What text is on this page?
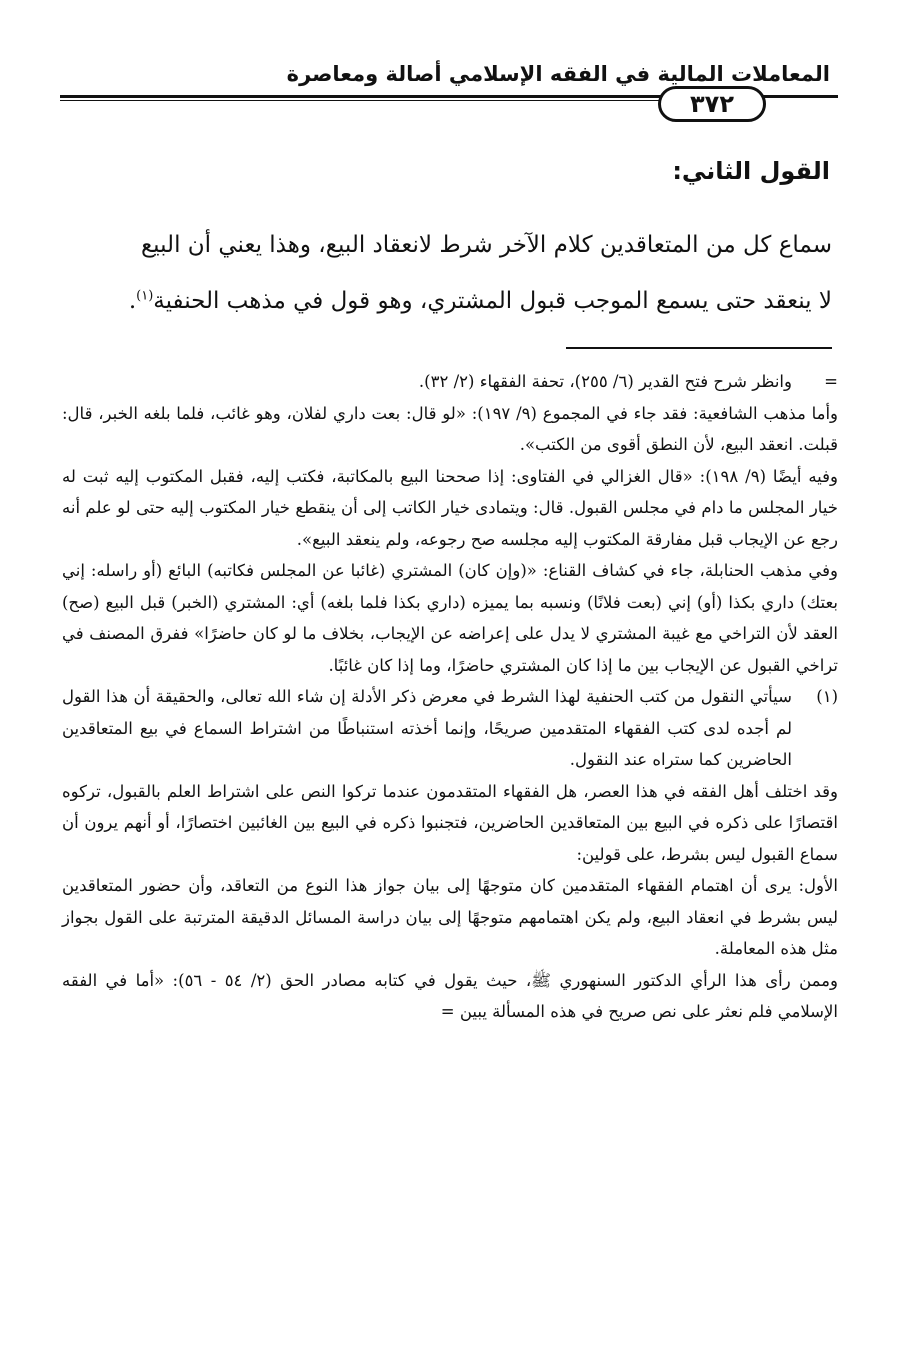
المعاملات المالية في الفقه الإسلامي أصالة ومعاصرة
٣٧٢
القول الثاني:

سماع كل من المتعاقدين كلام الآخر شرط لانعقاد البيع، وهذا يعني أن البيع

لا ينعقد حتى يسمع الموجب قبول المشتري، وهو قول في مذهب الحنفية$^{(١)}$.

=
وانظر شرح فتح القدير (٦/ ٢٥٥)، تحفة الفقهاء (٢/ ٣٢).

وأما مذهب الشافعية: فقد جاء في المجموع (٩/ ١٩٧): «لو قال: بعت داري لفلان، وهو غائب، فلما بلغه الخبر، قال: قبلت. انعقد البيع، لأن النطق أقوى من الكتب».

وفيه أيضًا (٩/ ١٩٨): «قال الغزالي في الفتاوى: إذا صححنا البيع بالمكاتبة، فكتب إليه، فقبل المكتوب إليه ثبت له خيار المجلس ما دام في مجلس القبول. قال: ويتمادى خيار الكاتب إلى أن ينقطع خيار المكتوب إليه حتى لو علم أنه رجع عن الإيجاب قبل مفارقة المكتوب إليه مجلسه صح رجوعه، ولم ينعقد البيع».

وفي مذهب الحنابلة، جاء في كشاف القناع: «(وإن كان) المشتري (غائبا عن المجلس فكاتبه) البائع (أو راسله: إني بعتك) داري بكذا (أو) إني (بعت فلانًا) ونسبه بما يميزه (داري بكذا فلما بلغه) أي: المشتري (الخبر) قبل البيع (صح) العقد لأن التراخي مع غيبة المشتري لا يدل على إعراضه عن الإيجاب، بخلاف ما لو كان حاضرًا» ففرق المصنف في تراخي القبول عن الإيجاب بين ما إذا كان المشتري حاضرًا، وما إذا كان غائبًا.

(١)
سيأتي النقول من كتب الحنفية لهذا الشرط في معرض ذكر الأدلة إن شاء الله تعالى، والحقيقة أن هذا القول لم أجده لدى كتب الفقهاء المتقدمين صريحًا، وإنما أخذته استنباطًا من اشتراط السماع في بيع المتعاقدين الحاضرين كما ستراه عند النقول.

وقد اختلف أهل الفقه في هذا العصر، هل الفقهاء المتقدمون عندما تركوا النص على اشتراط العلم بالقبول، تركوه اقتصارًا على ذكره في البيع بين المتعاقدين الحاضرين، فتجنبوا ذكره في البيع بين الغائبين اختصارًا، أو أنهم يرون أن سماع القبول ليس بشرط، على قولين:

الأول: يرى أن اهتمام الفقهاء المتقدمين كان متوجهًا إلى بيان جواز هذا النوع من التعاقد، وأن حضور المتعاقدين ليس بشرط في انعقاد البيع، ولم يكن اهتمامهم متوجهًا إلى بيان دراسة المسائل الدقيقة المترتبة على القول بجواز مثل هذه المعاملة.

وممن رأى هذا الرأي الدكتور السنهوري ﷺ، حيث يقول في كتابه مصادر الحق (٢/ ٥٤ - ٥٦): «أما في الفقه الإسلامي فلم نعثر على نص صريح في هذه المسألة يبين =
